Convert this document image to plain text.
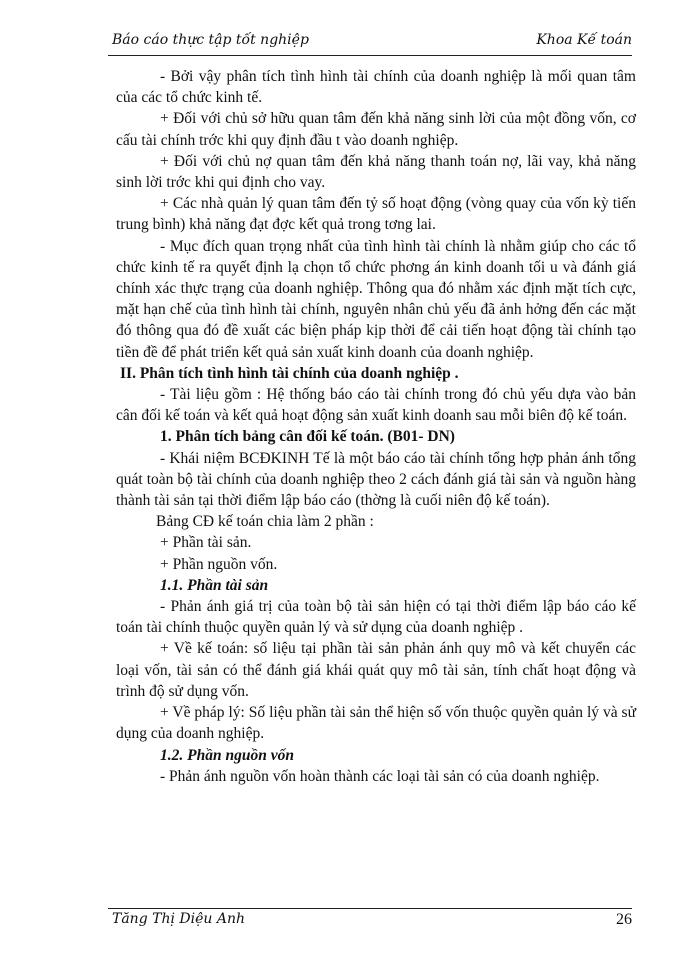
Báo cáo thực tập tốt nghiệp	Khoa Kế toán

- Bởi vậy phân tích tình hình tài chính của doanh nghiệp là mối quan tâm của các tổ chức kinh tế.

+ Đối với chủ sở hữu quan tâm đến khả năng sinh lời của một đồng vốn, cơ cấu tài chính trớc khi quy định đầu t vào doanh nghiệp.

+ Đối với chủ nợ quan tâm đến khả năng thanh toán nợ, lãi vay, khả năng sinh lời trớc khi qui định cho vay.

+ Các nhà quản lý quan tâm đến tỷ số hoạt động (vòng quay của vốn kỳ tiến trung bình) khả năng đạt đợc kết quả trong tơng lai.

- Mục đích quan trọng nhất của tình hình tài chính là nhằm giúp cho các tổ chức kinh tế ra quyết định lạ chọn tổ chức phơng án kinh doanh tối u và đánh giá chính xác thực trạng của doanh nghiệp. Thông qua đó nhằm xác định mặt tích cực, mặt hạn chế của tình hình tài chính, nguyên nhân chủ yếu đã ảnh hởng đến các mặt đó thông qua đó đề xuất các biện pháp kịp thời để cải tiến hoạt động tài chính tạo tiền đề để phát triển kết quả sản xuất kinh doanh của doanh nghiệp.

II. Phân tích tình hình tài chính của doanh nghiệp .

- Tài liệu gồm : Hệ thống báo cáo tài chính trong đó chủ yếu dựa vào bản cân đối kế toán và kết quả hoạt động sản xuất kinh doanh sau mỗi biên độ kế toán.

1. Phân tích bảng cân đối kế toán. (B01- DN)

- Khái niệm BCĐKINH Tế là một báo cáo tài chính tổng hợp phản ánh tổng quát toàn bộ tài chính của doanh nghiệp theo 2 cách đánh giá tài sản và nguồn hàng thành tài sản tại thời điểm lập báo cáo (thờng là cuối niên độ kế toán).

Bảng CĐ kế toán chia làm 2 phần :

+ Phần tài sản.

+ Phần nguồn vốn.

1.1. Phần tài sản

- Phản ánh giá trị của toàn bộ tài sản hiện có tại thời điểm lập báo cáo kế toán tài chính thuộc quyền quản lý và sử dụng của doanh nghiệp .

+ Về kế toán: số liệu tại phần tài sản phản ánh quy mô và kết chuyển các loại vốn, tài sản có thể đánh giá khái quát quy mô tài sản, tính chất hoạt động và trình độ sử dụng vốn.

+ Về pháp lý: Số liệu phần tài sản thể hiện số vốn thuộc quyền quản lý và sử dụng của doanh nghiệp.

1.2. Phần nguồn vốn

- Phản ánh nguồn vốn hoàn thành các loại tài sản có của doanh nghiệp.

Tăng Thị Diệu Anh	26
